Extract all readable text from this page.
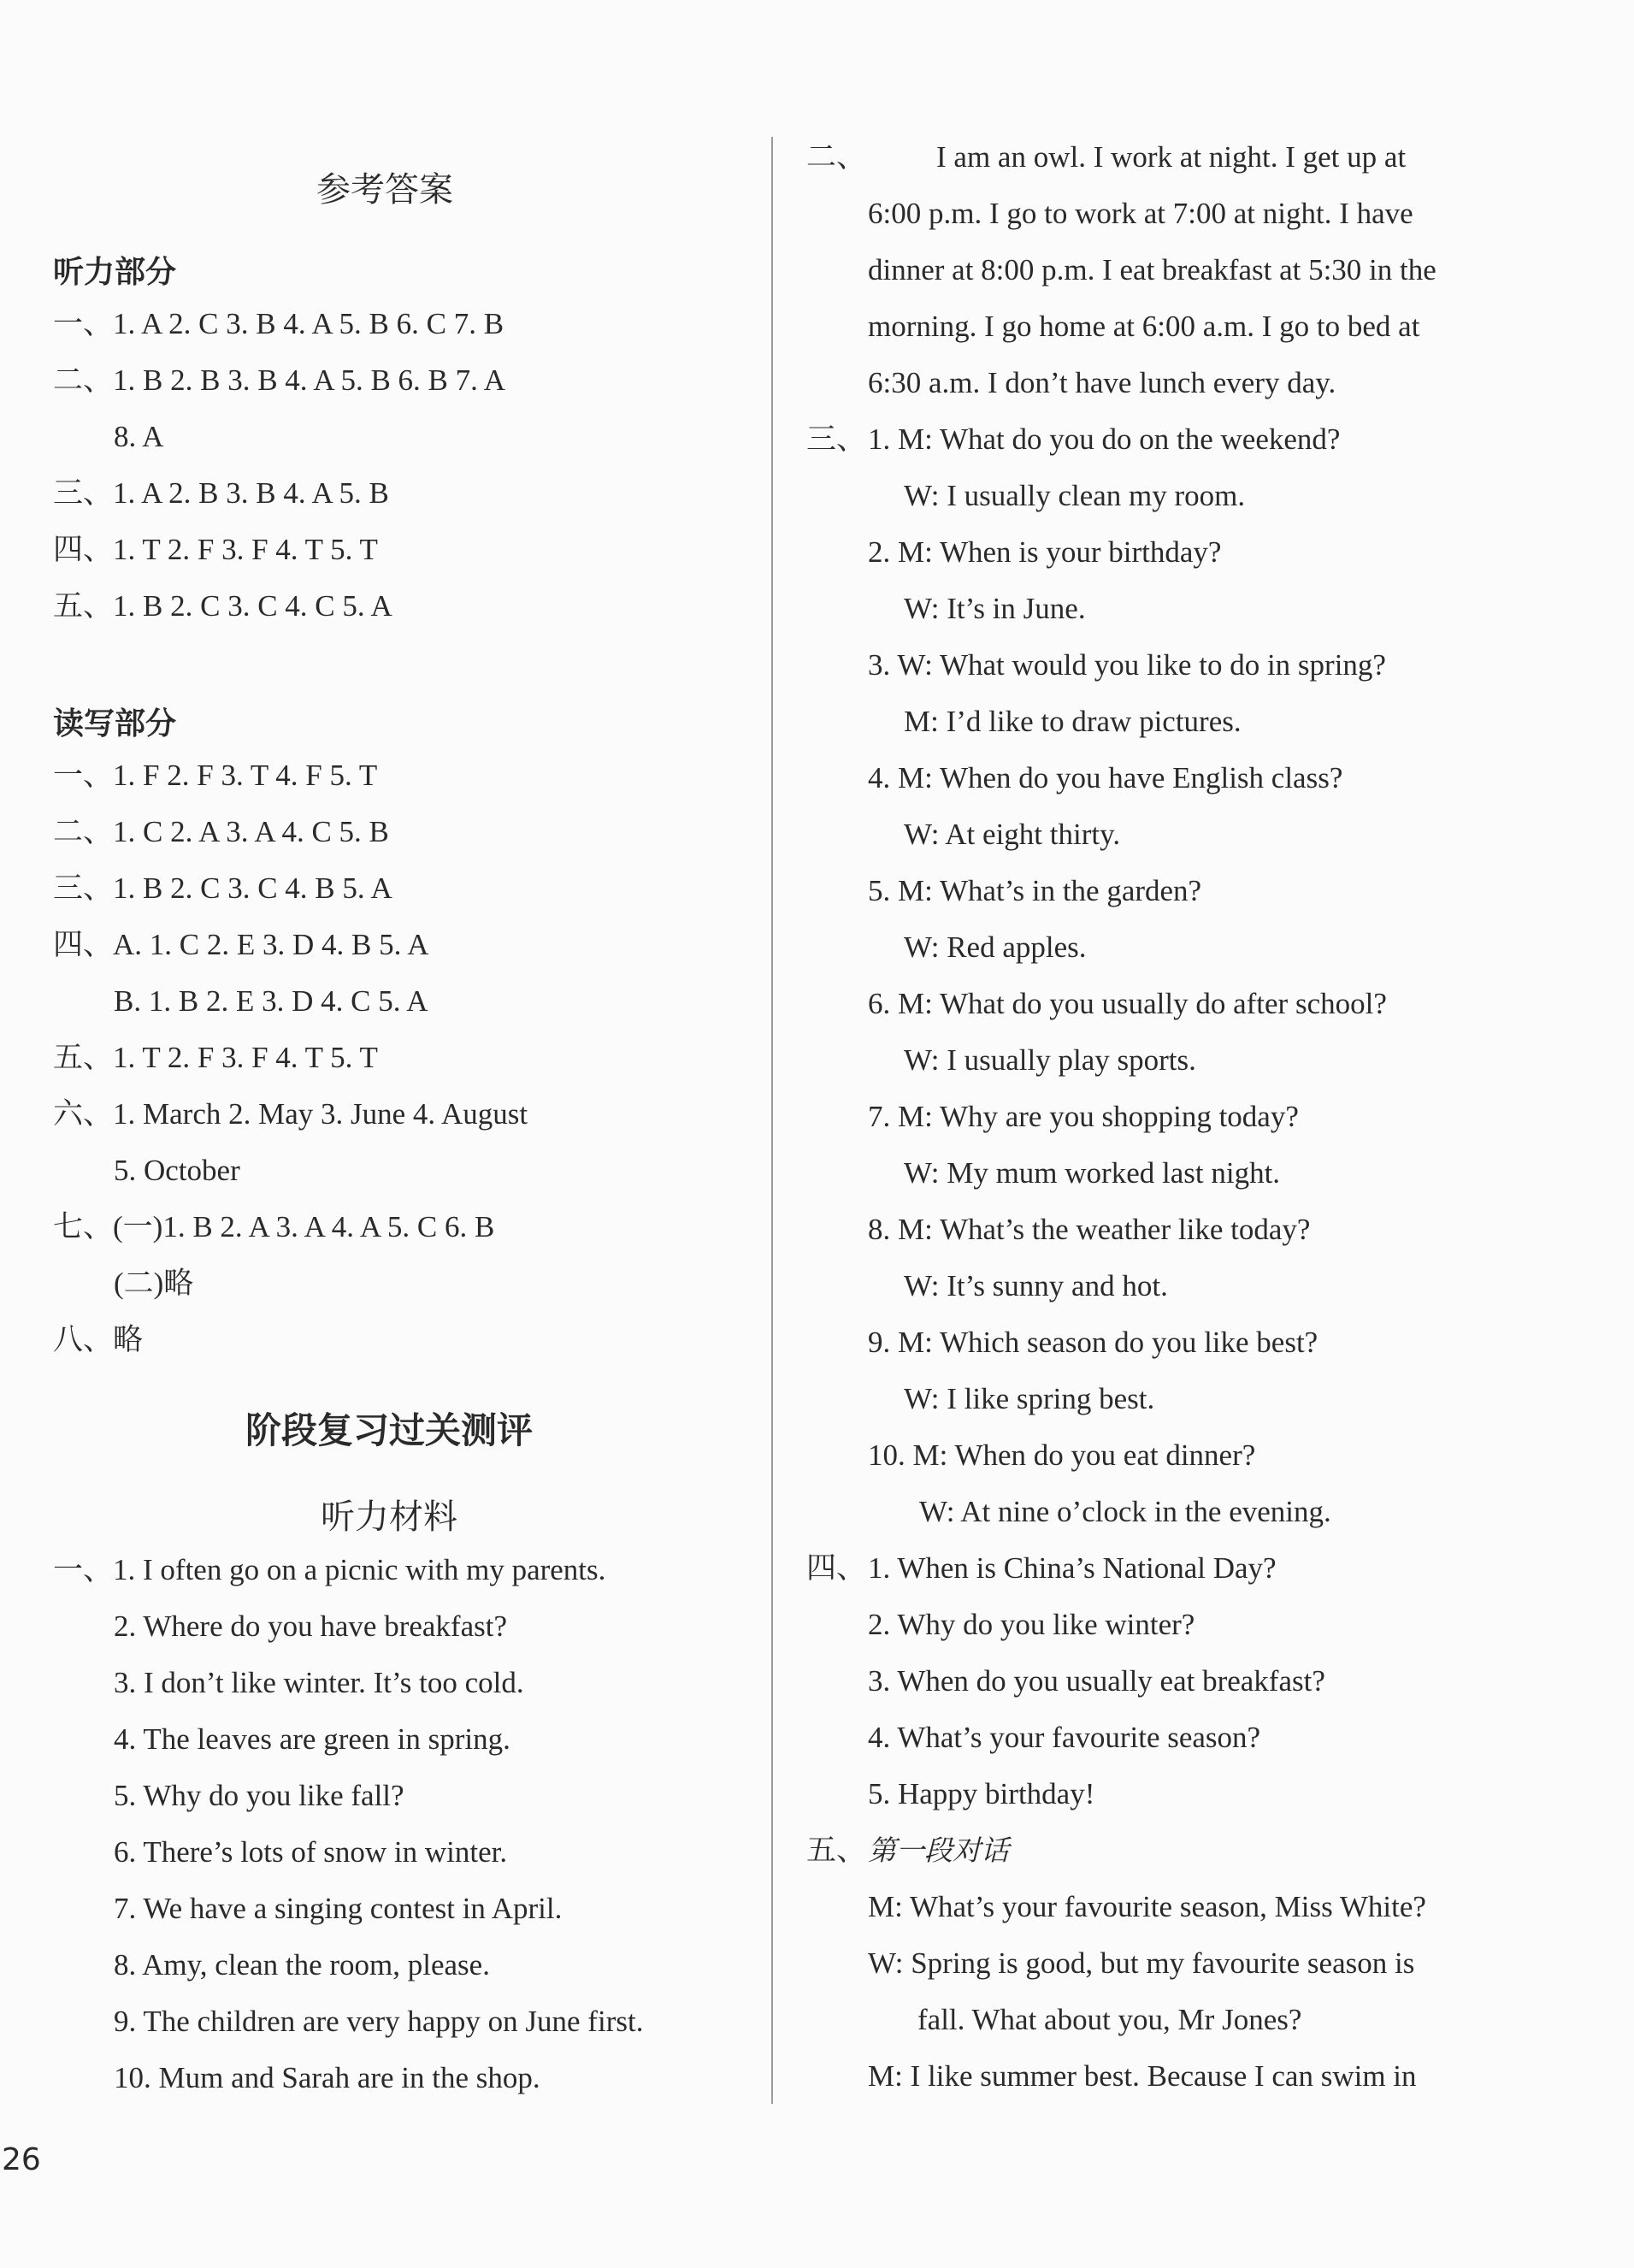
参考答案
听力部分
一、1. A 2. C 3. B 4. A 5. B 6. C 7. B
二、1. B 2. B 3. B 4. A 5. B 6. B 7. A
8. A
三、1. A 2. B 3. B 4. A 5. B
四、1. T 2. F 3. F 4. T 5. T
五、1. B 2. C 3. C 4. C 5. A
读写部分
一、1. F 2. F 3. T 4. F 5. T
二、1. C 2. A 3. A 4. C 5. B
三、1. B 2. C 3. C 4. B 5. A
四、A. 1. C 2. E 3. D 4. B 5. A
B. 1. B 2. E 3. D 4. C 5. A
五、1. T 2. F 3. F 4. T 5. T
六、1. March 2. May 3. June 4. August
5. October
七、(一)1. B 2. A 3. A 4. A 5. C 6. B
(二)略
八、略
阶段复习过关测评
听力材料
一、1. I often go on a picnic with my parents.
2. Where do you have breakfast?
3. I don’t like winter. It’s too cold.
4. The leaves are green in spring.
5. Why do you like fall?
6. There’s lots of snow in winter.
7. We have a singing contest in April.
8. Amy, clean the room, please.
9. The children are very happy on June first.
10. Mum and Sarah are in the shop.
26
二、 I am an owl. I work at night. I get up at
6:00 p.m. I go to work at 7:00 at night. I have
dinner at 8:00 p.m. I eat breakfast at 5:30 in the
morning. I go home at 6:00 a.m. I go to bed at
6:30 a.m. I don’t have lunch every day.
三、 1. M: What do you do on the weekend?
W: I usually clean my room.
2. M: When is your birthday?
W: It’s in June.
3. W: What would you like to do in spring?
M: I’d like to draw pictures.
4. M: When do you have English class?
W: At eight thirty.
5. M: What’s in the garden?
W: Red apples.
6. M: What do you usually do after school?
W: I usually play sports.
7. M: Why are you shopping today?
W: My mum worked last night.
8. M: What’s the weather like today?
W: It’s sunny and hot.
9. M: Which season do you like best?
W: I like spring best.
10. M: When do you eat dinner?
W: At nine o’clock in the evening.
四、 1. When is China’s National Day?
2. Why do you like winter?
3. When do you usually eat breakfast?
4. What’s your favourite season?
5. Happy birthday!
五、 第一段对话
M: What’s your favourite season, Miss White?
W: Spring is good, but my favourite season is
fall. What about you, Mr Jones?
M: I like summer best. Because I can swim in
